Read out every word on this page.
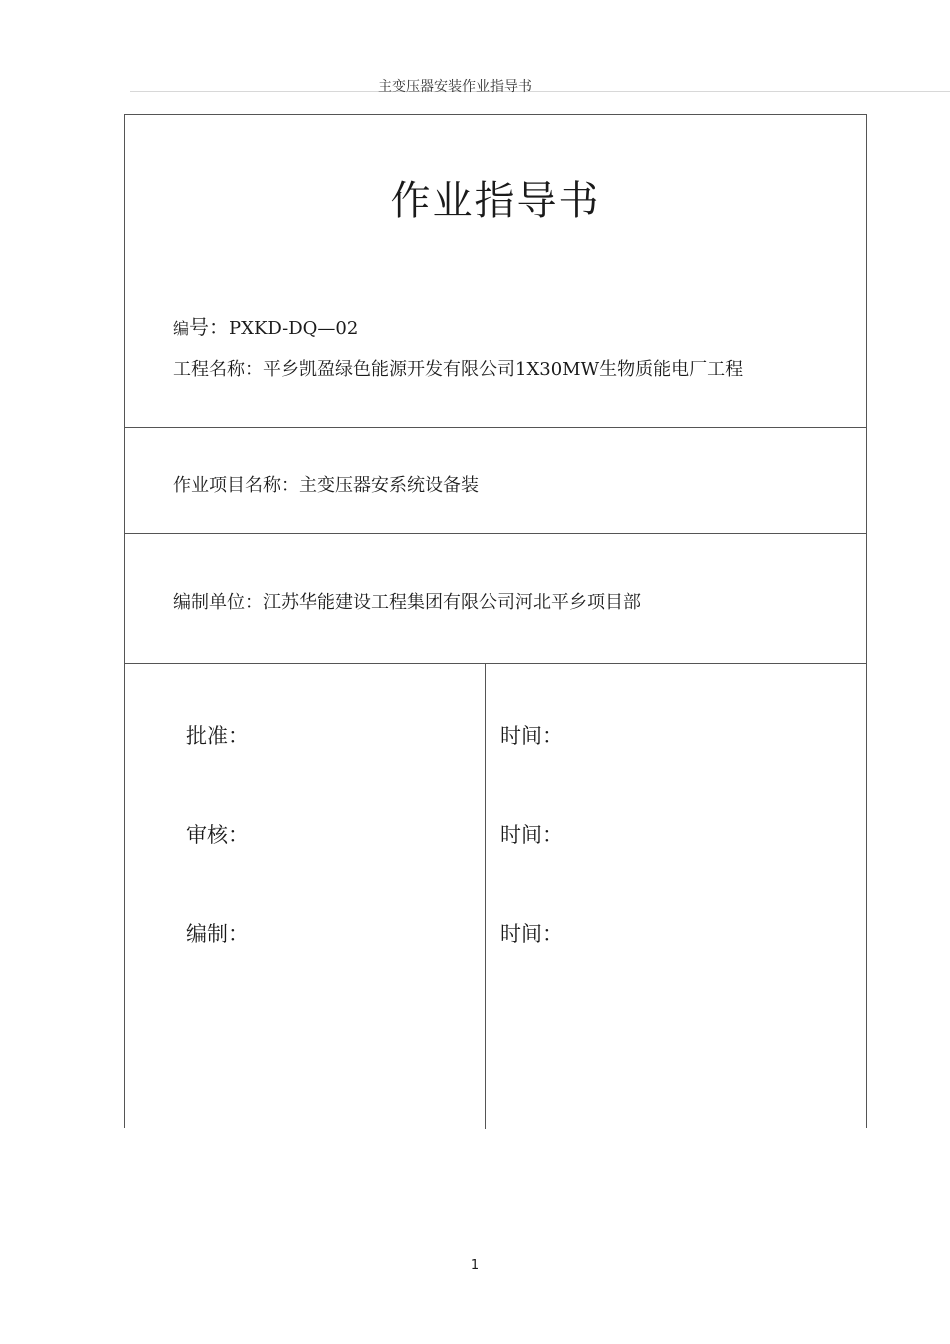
主变压器安装作业指导书
作业指导书
编号：PXKD-DQ—02
工程名称：平乡凯盈绿色能源开发有限公司1X30MW生物质能电厂工程
作业项目名称：主变压器安系统设备装
编制单位：江苏华能建设工程集团有限公司河北平乡项目部
批准：	时间：
审核：	时间：
编制：	时间：
1
